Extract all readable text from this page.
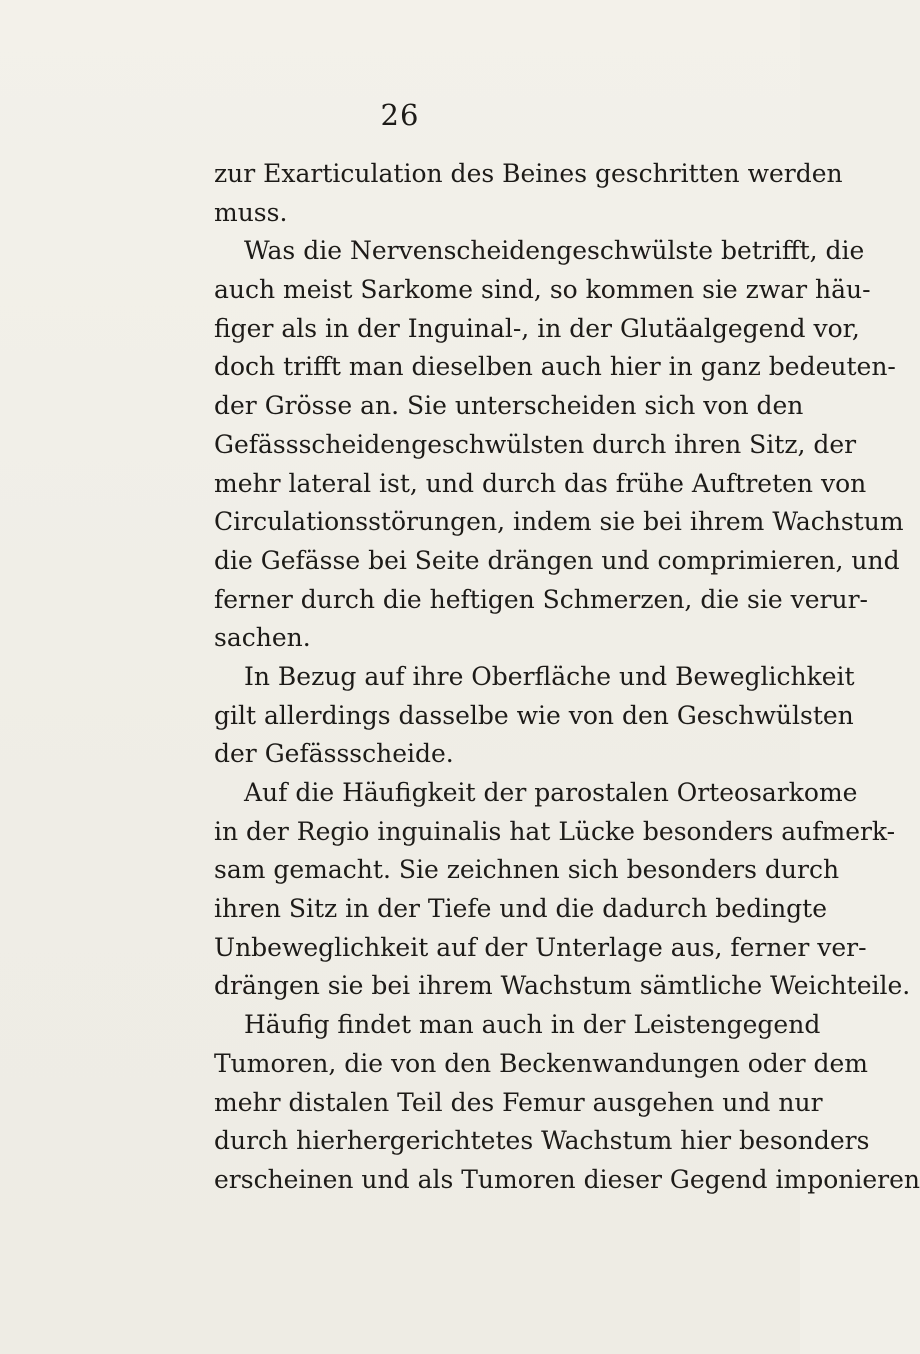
26
zur Exarticulation des Beines geschritten werden
muss.
Was die Nervenscheidengeschwülste betrifft, die
auch meist Sarkome sind, so kommen sie zwar häu-
figer als in der Inguinal-, in der Glutäalgegend vor,
doch trifft man dieselben auch hier in ganz bedeuten-
der Grösse an. Sie unterscheiden sich von den
Gefässscheidengeschwülsten durch ihren Sitz, der
mehr lateral ist, und durch das frühe Auftreten von
Circulationsstörungen, indem sie bei ihrem Wachstum
die Gefässe bei Seite drängen und comprimieren, und
ferner durch die heftigen Schmerzen, die sie verur-
sachen.
In Bezug auf ihre Oberfläche und Beweglichkeit
gilt allerdings dasselbe wie von den Geschwülsten
der Gefässscheide.
Auf die Häufigkeit der parostalen Orteosarkome
in der Regio inguinalis hat Lücke besonders aufmerk-
sam gemacht. Sie zeichnen sich besonders durch
ihren Sitz in der Tiefe und die dadurch bedingte
Unbeweglichkeit auf der Unterlage aus, ferner ver-
drängen sie bei ihrem Wachstum sämtliche Weichteile.
Häufig findet man auch in der Leistengegend
Tumoren, die von den Beckenwandungen oder dem
mehr distalen Teil des Femur ausgehen und nur
durch hierhergerichtetes Wachstum hier besonders
erscheinen und als Tumoren dieser Gegend imponieren
